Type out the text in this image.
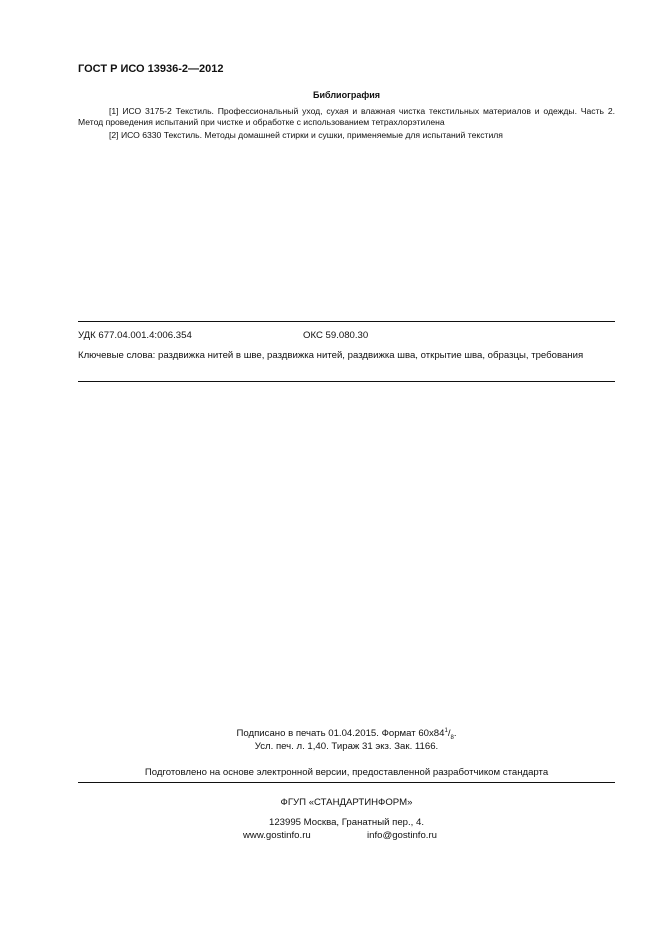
ГОСТ Р ИСО 13936-2—2012
Библиография
[1] ИСО 3175-2 Текстиль. Профессиональный уход, сухая и влажная чистка текстильных материалов и одежды. Часть 2. Метод проведения испытаний при чистке и обработке с использованием тетрахлорэтилена
[2] ИСО 6330 Текстиль. Методы домашней стирки и сушки, применяемые для испытаний текстиля
УДК 677.04.001.4:006.354	ОКС 59.080.30
Ключевые слова: раздвижка нитей в шве, раздвижка нитей, раздвижка шва, открытие шва, образцы, требования
Подписано в печать 01.04.2015. Формат $60x84^1/_8$.
Усл. печ. л. 1,40. Тираж 31 экз. Зак. 1166.
Подготовлено на основе электронной версии, предоставленной разработчиком стандарта
ФГУП «СТАНДАРТИНФОРМ»
123995 Москва, Гранатный пер., 4.
www.gostinfo.ru	info@gostinfo.ru
